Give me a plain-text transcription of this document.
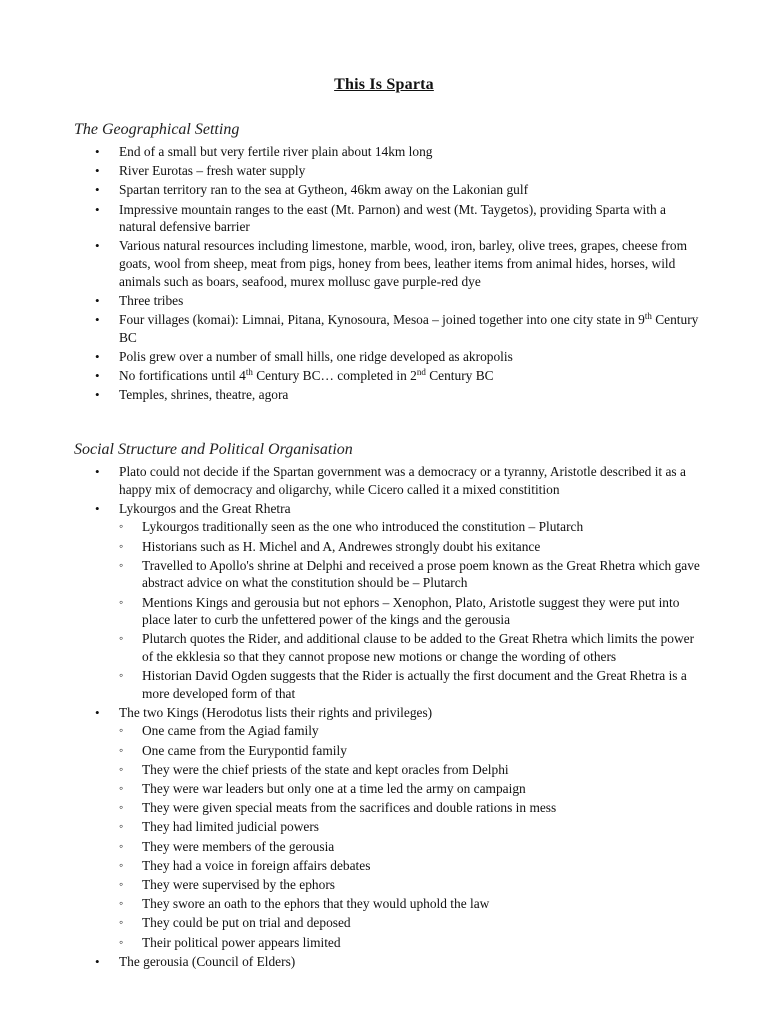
This Is Sparta
The Geographical Setting
• End of a small but very fertile river plain about 14km long
• River Eurotas – fresh water supply
• Spartan territory ran to the sea at Gytheon, 46km away on the Lakonian gulf
• Impressive mountain ranges to the east (Mt. Parnon) and west (Mt. Taygetos), providing Sparta with a natural defensive barrier
• Various natural resources including limestone, marble, wood, iron, barley, olive trees, grapes, cheese from goats, wool from sheep, meat from pigs, honey from bees, leather items from animal hides, horses, wild animals such as boars, seafood, murex mollusc gave purple-red dye
• Three tribes
• Four villages (komai): Limnai, Pitana, Kynosoura, Mesoa – joined together into one city state in 9th Century BC
• Polis grew over a number of small hills, one ridge developed as akropolis
• No fortifications until 4th Century BC… completed in 2nd Century BC
• Temples, shrines, theatre, agora
Social Structure and Political Organisation
• Plato could not decide if the Spartan government was a democracy or a tyranny, Aristotle described it as a happy mix of democracy and oligarchy, while Cicero called it a mixed constitition
• Lykourgos and the Great Rhetra
◦ Lykourgos traditionally seen as the one who introduced the constitution – Plutarch
◦ Historians such as H. Michel and A, Andrewes strongly doubt his exitance
◦ Travelled to Apollo's shrine at Delphi and received a prose poem known as the Great Rhetra which gave abstract advice on what the constitution should be – Plutarch
◦ Mentions Kings and gerousia but not ephors – Xenophon, Plato, Aristotle suggest they were put into place later to curb the unfettered power of the kings and the gerousia
◦ Plutarch quotes the Rider, and additional clause to be added to the Great Rhetra which limits the power of the ekklesia so that they cannot propose new motions or change the wording of others
◦ Historian David Ogden suggests that the Rider is actually the first document and the Great Rhetra is a more developed form of that
• The two Kings (Herodotus lists their rights and privileges)
◦ One came from the Agiad family
◦ One came from the Eurypontid family
◦ They were the chief priests of the state and kept oracles from Delphi
◦ They were war leaders but only one at a time led the army on campaign
◦ They were given special meats from the sacrifices and double rations in mess
◦ They had limited judicial powers
◦ They were members of the gerousia
◦ They had a voice in foreign affairs debates
◦ They were supervised by the ephors
◦ They swore an oath to the ephors that they would uphold the law
◦ They could be put on trial and deposed
◦ Their political power appears limited
• The gerousia (Council of Elders)
